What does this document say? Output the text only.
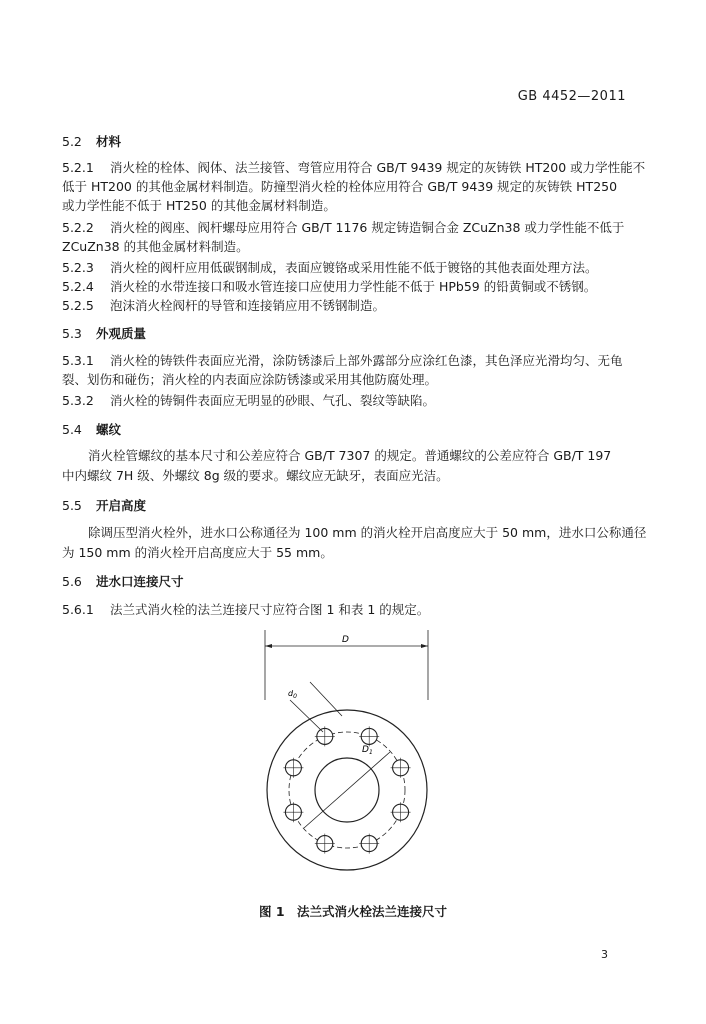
GB 4452—2011
5.2 材料
5.2.1 消火栓的栓体、阀体、法兰接管、弯管应用符合 GB/T 9439 规定的灰铸铁 HT200 或力学性能不
低于 HT200 的其他金属材料制造。防撞型消火栓的栓体应用符合 GB/T 9439 规定的灰铸铁 HT250
或力学性能不低于 HT250 的其他金属材料制造。
5.2.2 消火栓的阀座、阀杆螺母应用符合 GB/T 1176 规定铸造铜合金 ZCuZn38 或力学性能不低于
ZCuZn38 的其他金属材料制造。
5.2.3 消火栓的阀杆应用低碳钢制成，表面应镀铬或采用性能不低于镀铬的其他表面处理方法。
5.2.4 消火栓的水带连接口和吸水管连接口应使用力学性能不低于 HPb59 的铅黄铜或不锈钢。
5.2.5 泡沫消火栓阀杆的导管和连接销应用不锈钢制造。
5.3 外观质量
5.3.1 消火栓的铸铁件表面应光滑，涂防锈漆后上部外露部分应涂红色漆，其色泽应光滑均匀、无龟
裂、划伤和碰伤；消火栓的内表面应涂防锈漆或采用其他防腐处理。
5.3.2 消火栓的铸铜件表面应无明显的砂眼、气孔、裂纹等缺陷。
5.4 螺纹
消火栓管螺纹的基本尺寸和公差应符合 GB/T 7307 的规定。普通螺纹的公差应符合 GB/T 197
中内螺纹 7H 级、外螺纹 8g 级的要求。螺纹应无缺牙，表面应光洁。
5.5 开启高度
除调压型消火栓外，进水口公称通径为 100 mm 的消火栓开启高度应大于 50 mm，进水口公称通径
为 150 mm 的消火栓开启高度应大于 55 mm。
5.6 进水口连接尺寸
5.6.1 法兰式消火栓的法兰连接尺寸应符合图 1 和表 1 的规定。
D
$D_1$
$d_0$
图 1　法兰式消火栓法兰连接尺寸
3
